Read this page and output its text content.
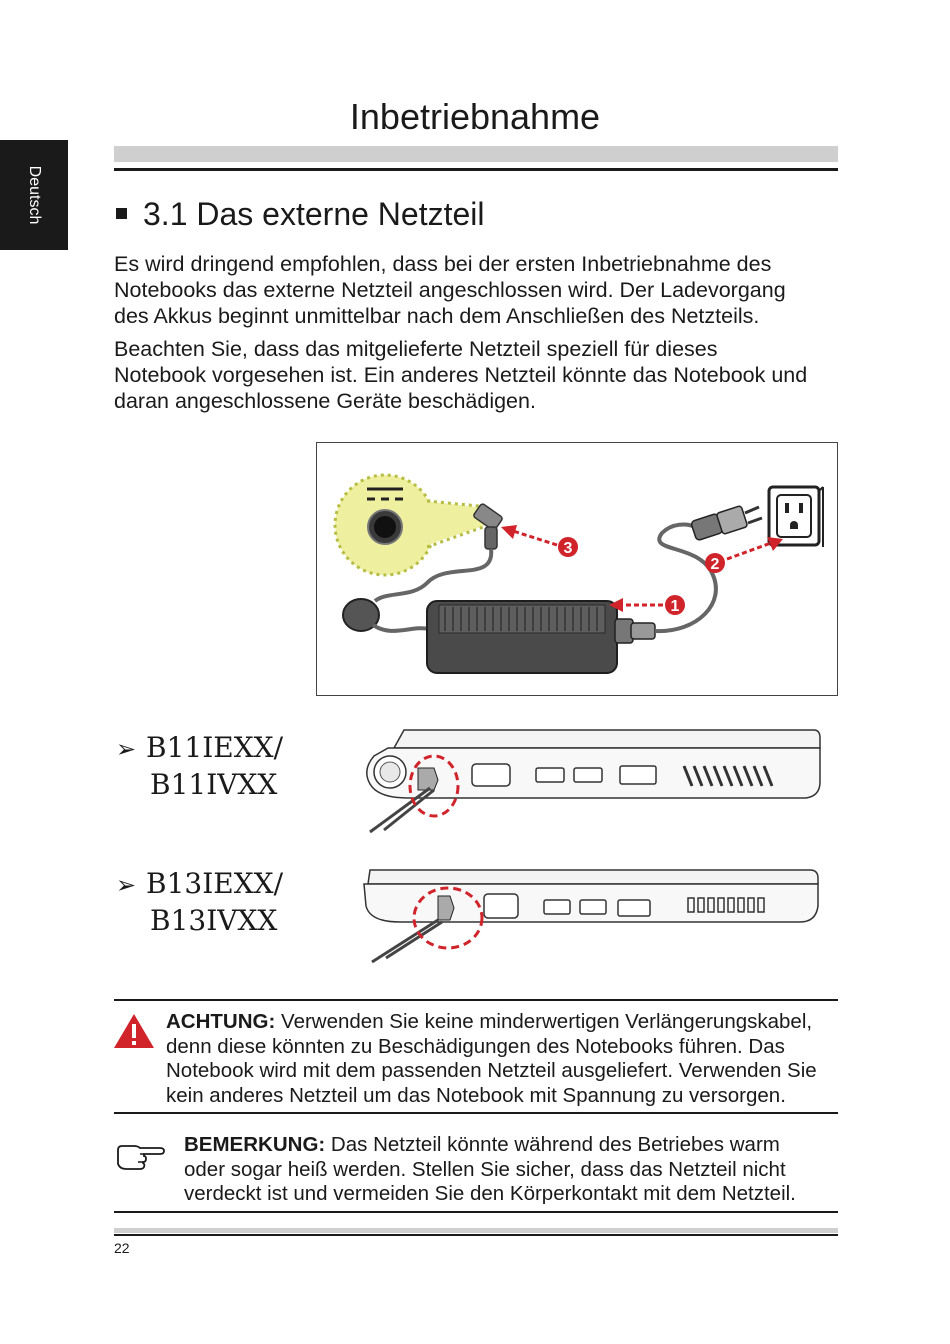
Deutsch
Inbetriebnahme
3.1 Das externe Netzteil

Es wird dringend empfohlen, dass bei der ersten Inbetriebnahme des
Notebooks das externe Netzteil angeschlossen wird. Der Ladevorgang
des Akkus beginnt unmittelbar nach dem Anschließen des Netzteils.

Beachten Sie, dass das mitgelieferte Netzteil speziell für dieses
Notebook vorgesehen ist. Ein anderes Netzteil könnte das Notebook und
daran angeschlossene Geräte beschädigen.

1
2
3
➢ B11IEXX/
B11IVXX
➢ B13IEXX/
B13IVXX

ACHTUNG: Verwenden Sie keine minderwertigen Verlängerungskabel,
denn diese könnten zu Beschädigungen des Notebooks führen. Das
Notebook wird mit dem passenden Netzteil ausgeliefert. Verwenden Sie
kein anderes Netzteil um das Notebook mit Spannung zu versorgen.

BEMERKUNG: Das Netzteil könnte während des Betriebes warm
oder sogar heiß werden. Stellen Sie sicher, dass das Netzteil nicht
verdeckt ist und vermeiden Sie den Körperkontakt mit dem Netzteil.

22
